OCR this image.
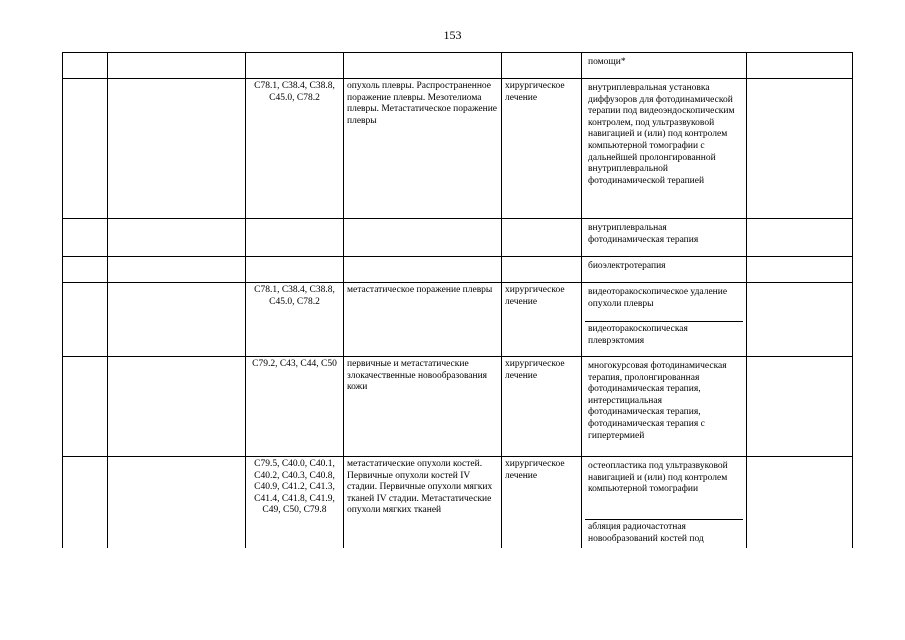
153

					помощи*	

		C78.1, C38.4, C38.8, C45.0, C78.2	опухоль плевры. Распространенное поражение плевры. Мезотелиома плевры. Метастатическое поражение плевры	хирургическое лечение	внутриплевральная установка диффузоров для фотодинамической терапии под видеоэндоскопическим контролем, под ультразвуковой навигацией и (или) под контролем компьютерной томографии с дальнейшей пролонгированной внутриплевральной фотодинамической терапией	

					внутриплевральная фотодинамическая терапия	

					биоэлектротерапия	

		C78.1, C38.4, C38.8, C45.0, C78.2	метастатическое поражение плевры	хирургическое лечение	видеоторакоскопическое удаление опухоли плевры
видеоторакоскопическая плеврэктомия	

		C79.2, C43, C44, C50	первичные и метастатические злокачественные новообразования кожи	хирургическое лечение	многокурсовая фотодинамическая терапия, пролонгированная фотодинамическая терапия, интерстициальная фотодинамическая терапия, фотодинамическая терапия с гипертермией	

		C79.5, C40.0, C40.1, C40.2, C40.3, C40.8, C40.9, C41.2, C41.3, C41.4, C41.8, C41.9, C49, C50, C79.8	метастатические опухоли костей. Первичные опухоли костей IV стадии. Первичные опухоли мягких тканей IV стадии. Метастатические опухоли мягких тканей	хирургическое лечение	остеопластика под ультразвуковой навигацией и (или) под контролем компьютерной томографии
абляция радиочастотная новообразований костей под	
